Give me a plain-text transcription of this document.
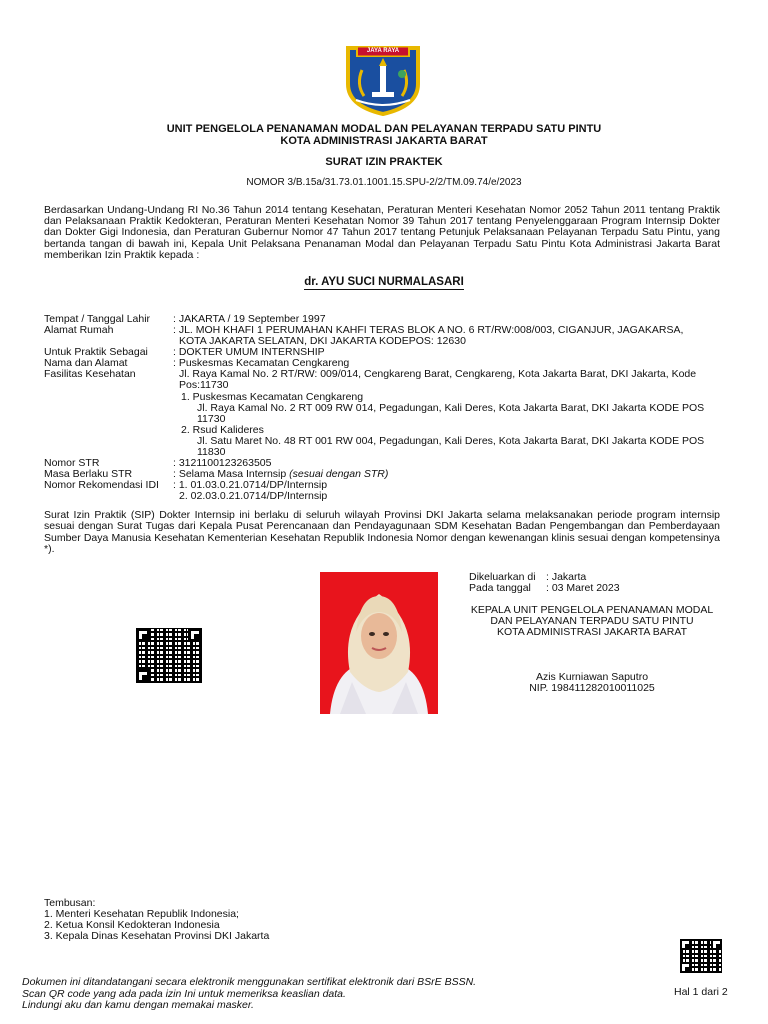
JAYA RAYA
UNIT PENGELOLA PENANAMAN MODAL DAN PELAYANAN TERPADU SATU PINTU
KOTA ADMINISTRASI JAKARTA BARAT
SURAT IZIN PRAKTEK
NOMOR 3/B.15a/31.73.01.1001.15.SPU-2/2/TM.09.74/e/2023
Berdasarkan Undang-Undang RI No.36 Tahun 2014 tentang Kesehatan, Peraturan Menteri Kesehatan Nomor 2052 Tahun 2011 tentang Praktik dan Pelaksanaan Praktik Kedokteran, Peraturan Menteri Kesehatan Nomor 39 Tahun 2017 tentang Penyelenggaraan Program Internsip Dokter dan Dokter Gigi Indonesia, dan Peraturan Gubernur Nomor 47 Tahun 2017 tentang Petunjuk Pelaksanaan Pelayanan Terpadu Satu Pintu, yang bertanda tangan di bawah ini, Kepala Unit Pelaksana Penanaman Modal dan Pelayanan Terpadu Satu Pintu Kota Administrasi Jakarta Barat memberikan Izin Praktik kepada :
dr. AYU SUCI NURMALASARI
Tempat / Tanggal Lahir : JAKARTA / 19 September 1997
Alamat Rumah	: JL. MOH KHAFI 1 PERUMAHAN KAHFI TERAS BLOK A NO. 6 RT/RW:008/003, CIGANJUR, JAGAKARSA,
KOTA JAKARTA SELATAN, DKI JAKARTA KODEPOS: 12630
Untuk Praktik Sebagai : DOKTER UMUM INTERNSHIP
Nama dan Alamat	: Puskesmas Kecamatan Cengkareng
Fasilitas Kesehatan	Jl. Raya Kamal No. 2 RT/RW: 009/014, Cengkareng Barat, Cengkareng, Kota Jakarta Barat, DKI Jakarta, Kode
Pos:11730
1. Puskesmas Kecamatan Cengkareng
Jl. Raya Kamal No. 2 RT 009 RW 014, Pegadungan, Kali Deres, Kota Jakarta Barat, DKI Jakarta KODE POS
11730
2. Rsud Kalideres
Jl. Satu Maret No. 48 RT 001 RW 004, Pegadungan, Kali Deres, Kota Jakarta Barat, DKI Jakarta KODE POS
11830
Nomor STR	: 3121100123263505
Masa Berlaku STR	: Selama Masa Internsip (sesuai dengan STR)
Nomor Rekomendasi IDI : 1. 01.03.0.21.0714/DP/Internsip
2. 02.03.0.21.0714/DP/Internsip
Surat Izin Praktik (SIP) Dokter Internsip ini berlaku di seluruh wilayah Provinsi DKI Jakarta selama melaksanakan periode program internsip sesuai dengan Surat Tugas dari Kepala Pusat Perencanaan dan Pendayagunaan SDM Kesehatan Badan Pengembangan dan Pemberdayaan Sumber Daya Manusia Kesehatan Kementerian Kesehatan Republik Indonesia Nomor dengan kewenangan klinis sesuai dengan kompetensinya *).
Dikeluarkan di : Jakarta
Pada tanggal : 03 Maret 2023
KEPALA UNIT PENGELOLA PENANAMAN MODAL
DAN PELAYANAN TERPADU SATU PINTU
KOTA ADMINISTRASI JAKARTA BARAT
Azis Kurniawan Saputro
NIP. 198411282010011025
Tembusan:
1. Menteri Kesehatan Republik Indonesia;
2. Ketua Konsil Kedokteran Indonesia
3. Kepala Dinas Kesehatan Provinsi DKI Jakarta
Dokumen ini ditandatangani secara elektronik menggunakan sertifikat elektronik dari BSrE BSSN.
Scan QR code yang ada pada izin Ini untuk memeriksa keaslian data.
Lindungi aku dan kamu dengan memakai masker.
Hal 1 dari 2
